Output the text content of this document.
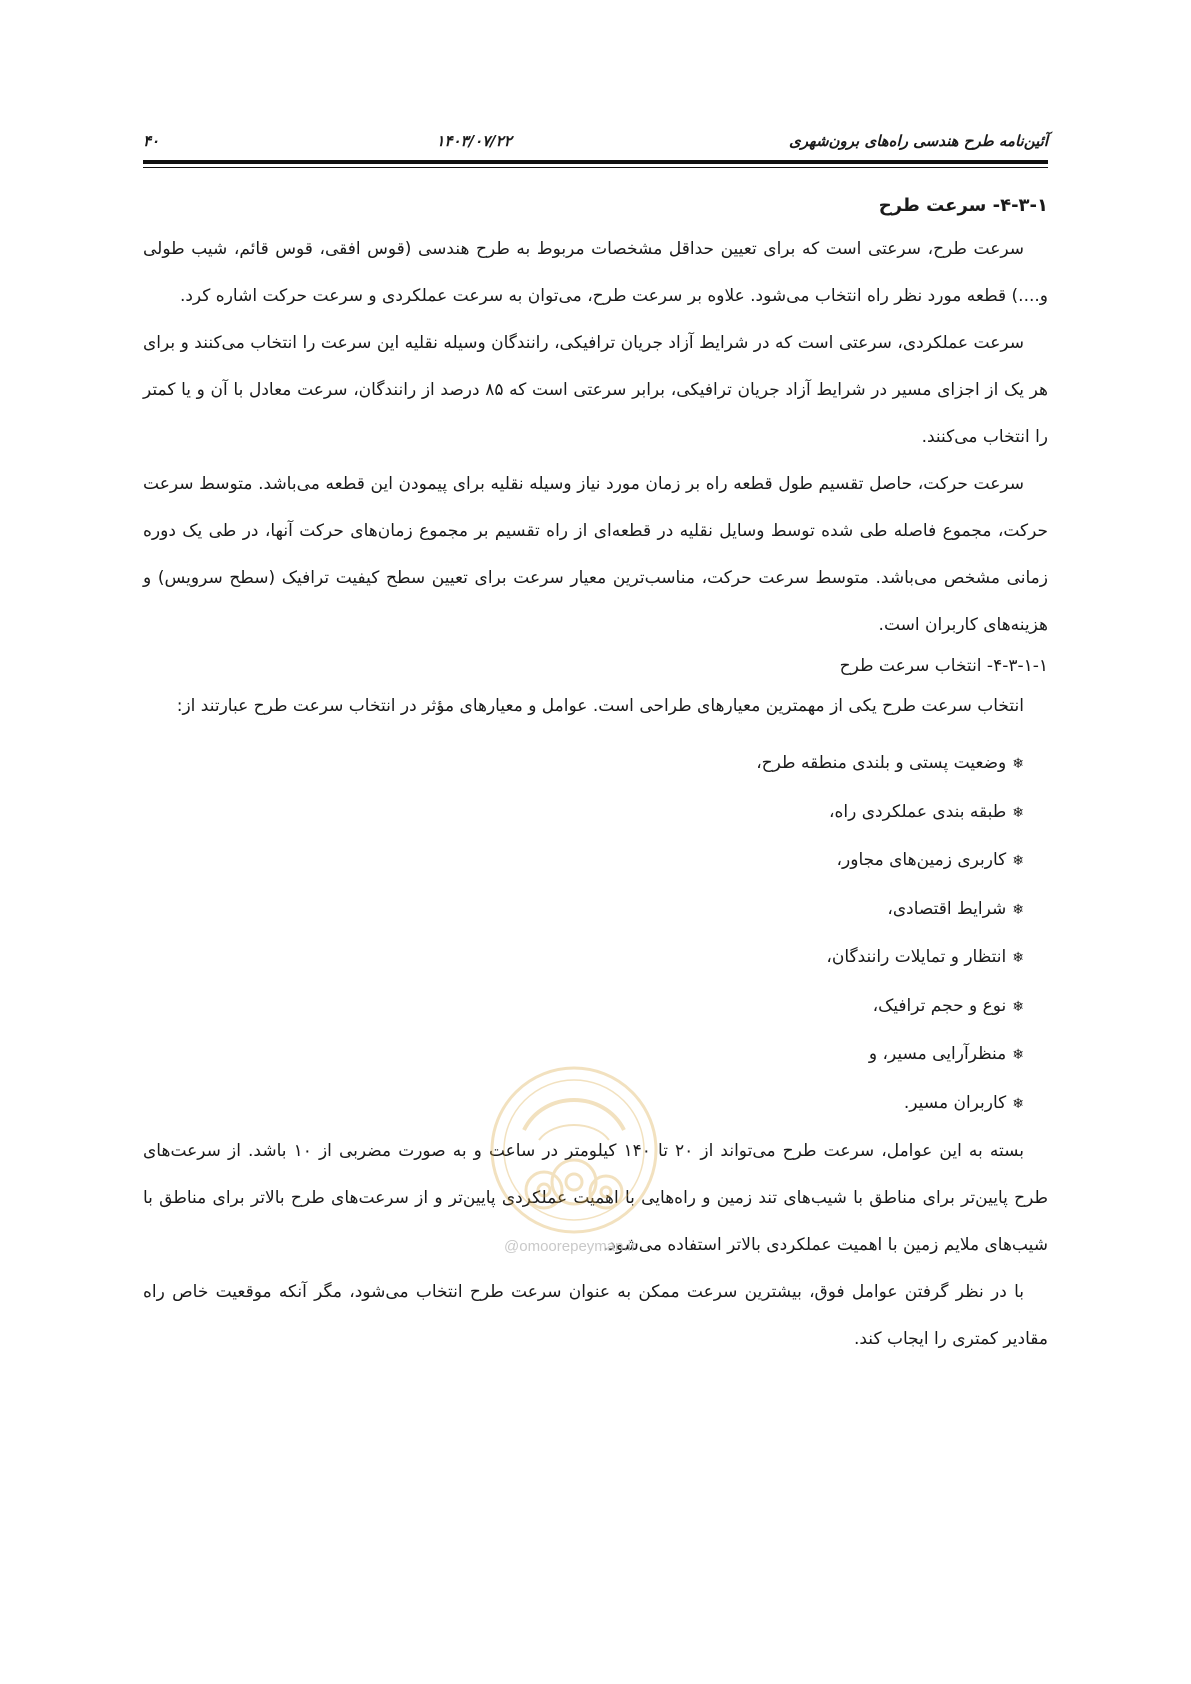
آئین‌نامه طرح هندسی راه‌های برون‌شهری
۱۴۰۳/۰۷/۲۲
۴۰

۴-۳-۱- سرعت طرح

سرعت طرح، سرعتی است که برای تعیین حداقل مشخصات مربوط به طرح هندسی (قوس افقی، قوس قائم، شیب طولی و....) قطعه مورد نظر راه انتخاب می‌شود. علاوه بر سرعت طرح، می‌توان به سرعت عملکردی و سرعت حرکت اشاره کرد.

سرعت عملکردی، سرعتی است که در شرایط آزاد جریان ترافیکی، رانندگان وسیله نقلیه این سرعت را انتخاب می‌کنند و برای هر یک از اجزای مسیر در شرایط آزاد جریان ترافیکی، برابر سرعتی است که ۸۵ درصد از رانندگان، سرعت معادل با آن و یا کمتر را انتخاب می‌کنند.

سرعت حرکت، حاصل تقسیم طول قطعه راه بر زمان مورد نیاز وسیله نقلیه برای پیمودن این قطعه می‌باشد. متوسط سرعت حرکت، مجموع فاصله طی شده توسط وسایل نقلیه در قطعه‌ای از راه تقسیم بر مجموع زمان‌های حرکت آنها، در طی یک دوره زمانی مشخص می‌باشد. متوسط سرعت حرکت، مناسب‌ترین معیار سرعت برای تعیین سطح کیفیت ترافیک (سطح سرویس) و هزینه‌های کاربران است.

۴-۳-۱-۱- انتخاب سرعت طرح

انتخاب سرعت طرح یکی از مهمترین معیارهای طراحی است. عوامل و معیارهای مؤثر در انتخاب سرعت طرح عبارتند از:

❄وضعیت پستی و بلندی منطقه طرح،
❄طبقه بندی عملکردی راه،
❄کاربری زمین‌های مجاور،
❄شرایط اقتصادی،
❄انتظار و تمایلات رانندگان،
❄نوع و حجم ترافیک،
❄منظرآرایی مسیر، و
❄کاربران مسیر.

بسته به این عوامل، سرعت طرح می‌تواند از ۲۰ تا ۱۴۰ کیلومتر در ساعت و به صورت مضربی از ۱۰ باشد. از سرعت‌های طرح پایین‌تر برای مناطق با شیب‌های تند زمین و راه‌هایی با اهمیت عملکردی پایین‌تر و از سرعت‌های طرح بالاتر برای مناطق با شیب‌های ملایم زمین با اهمیت عملکردی بالاتر استفاده می‌شود.

با در نظر گرفتن عوامل فوق، بیشترین سرعت ممکن به عنوان سرعت طرح انتخاب می‌شود، مگر آنکه موقعیت خاص راه مقادیر کمتری را ایجاب کند.

@omoorepeyman.ir
